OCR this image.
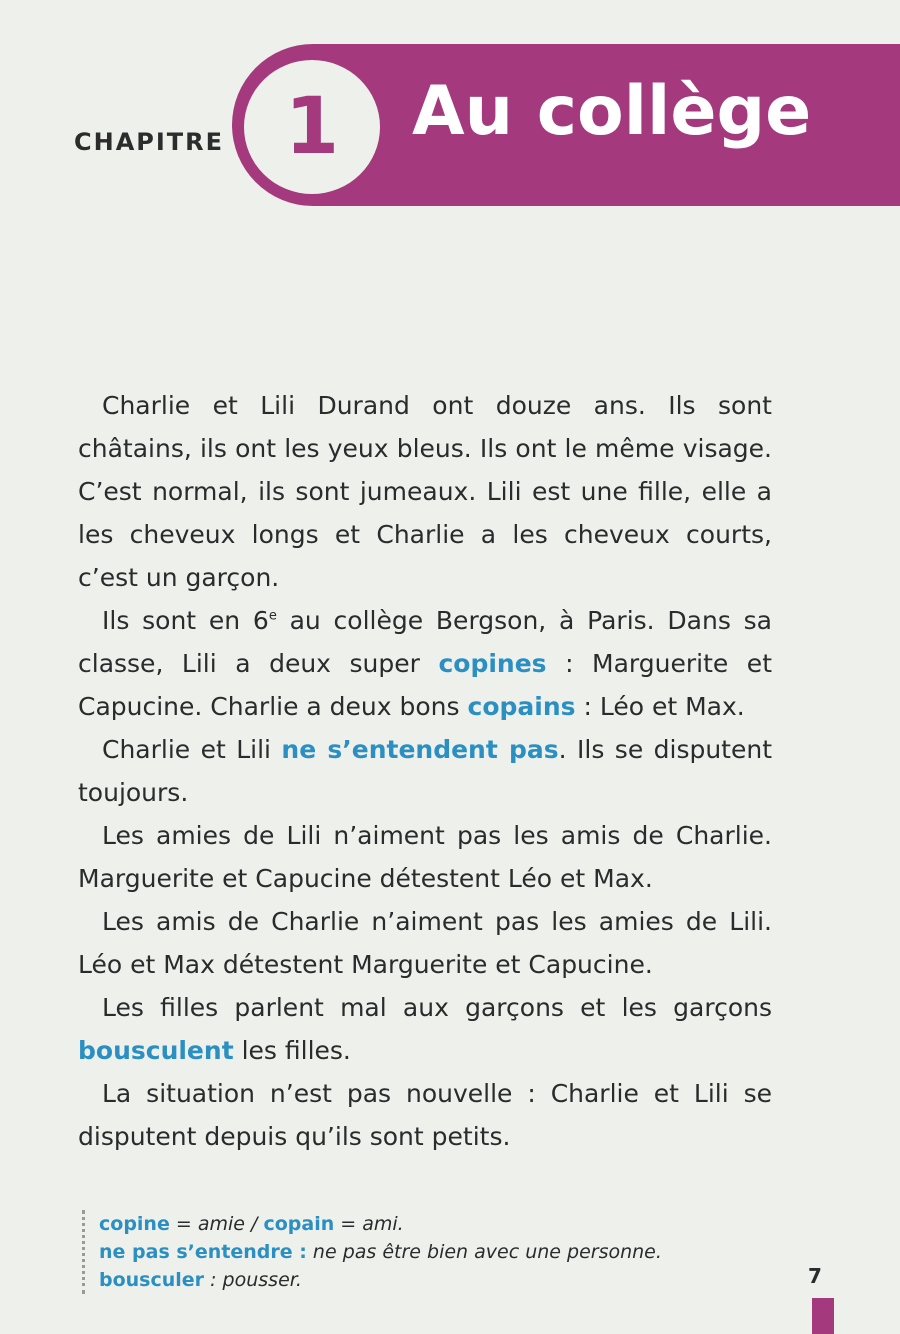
CHAPITRE 1 Au collège

Charlie et Lili Durand ont douze ans. Ils sont châtains, ils ont les yeux bleus. Ils ont le même visage. C’est normal, ils sont jumeaux. Lili est une fille, elle a les cheveux longs et Charlie a les cheveux courts, c’est un garçon.

Ils sont en 6e au collège Bergson, à Paris. Dans sa classe, Lili a deux super copines : Marguerite et Capucine. Charlie a deux bons copains : Léo et Max.

Charlie et Lili ne s’entendent pas. Ils se disputent toujours.

Les amies de Lili n’aiment pas les amis de Charlie. Marguerite et Capucine détestent Léo et Max.

Les amis de Charlie n’aiment pas les amies de Lili. Léo et Max détestent Marguerite et Capucine.

Les filles parlent mal aux garçons et les garçons bousculent les filles.

La situation n’est pas nouvelle : Charlie et Lili se disputent depuis qu’ils sont petits.

copine = amie / copain = ami.
ne pas s’entendre : ne pas être bien avec une personne.
bousculer : pousser.	7
